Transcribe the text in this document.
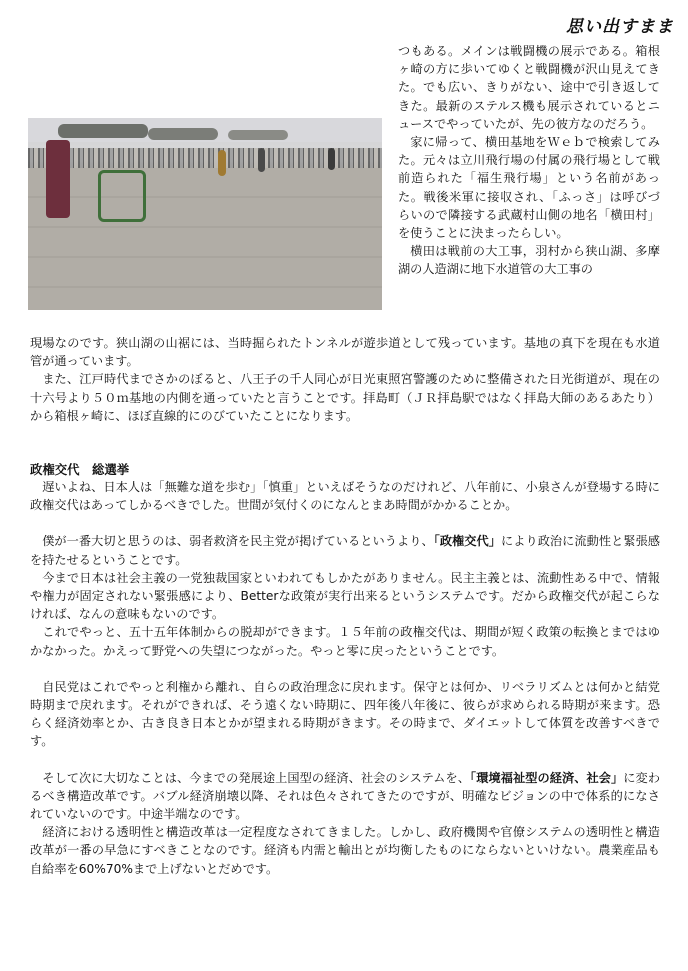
思い出すまま

つもある。メインは戦闘機の展示である。箱根ヶ崎の方に歩いてゆくと戦闘機が沢山見えてきた。でも広い、きりがない、途中で引き返してきた。最新のステルス機も展示されているとニュースでやっていたが、先の彼方なのだろう。

家に帰って、横田基地をＷｅｂで検索してみた。元々は立川飛行場の付属の飛行場として戦前造られた「福生飛行場」という名前があった。戦後米軍に接収され、「ふっさ」は呼びづらいので隣接する武蔵村山側の地名「横田村」を使うことに決まったらしい。

横田は戦前の大工事，羽村から狭山湖、多摩湖の人造湖に地下水道管の大工事の

現場なのです。狭山湖の山裾には、当時掘られたトンネルが遊歩道として残っています。基地の真下を現在も水道管が通っています。

また、江戸時代までさかのぼると、八王子の千人同心が日光東照宮警護のために整備された日光街道が、現在の十六号より５０ｍ基地の内側を通っていたと言うことです。拝島町（ＪＲ拝島駅ではなく拝島大師のあるあたり）から箱根ヶ崎に、ほぼ直線的にのびていたことになります。

政権交代　総選挙

遅いよね、日本人は「無難な道を歩む」「慎重」といえばそうなのだけれど、八年前に、小泉さんが登場する時に政権交代はあってしかるべきでした。世間が気付くのになんとまあ時間がかかることか。

僕が一番大切と思うのは、弱者救済を民主党が掲げているというより、「政権交代」により政治に流動性と緊張感を持たせるということです。

今まで日本は社会主義の一党独裁国家といわれてもしかたがありません。民主主義とは、流動性ある中で、情報や権力が固定されない緊張感により、Betterな政策が実行出来るというシステムです。だから政権交代が起こらなければ、なんの意味もないのです。

これでやっと、五十五年体制からの脱却ができます。１５年前の政権交代は、期間が短く政策の転換とまではゆかなかった。かえって野党への失望につながった。やっと零に戻ったということです。

自民党はこれでやっと利権から離れ、自らの政治理念に戻れます。保守とは何か、リベラリズムとは何かと結党時期まで戻れます。それができれば、そう遠くない時期に、四年後八年後に、彼らが求められる時期が来ます。恐らく経済効率とか、古き良き日本とかが望まれる時期がきます。その時まで、ダイエットして体質を改善すべきです。

そして次に大切なことは、今までの発展途上国型の経済、社会のシステムを、「環境福祉型の経済、社会」に変わるべき構造改革です。バブル経済崩壊以降、それは色々されてきたのですが、明確なビジョンの中で体系的になされていないのです。中途半端なのです。

経済における透明性と構造改革は一定程度なされてきました。しかし、政府機関や官僚システムの透明性と構造改革が一番の早急にすべきことなのです。経済も内需と輸出とが均衡したものにならないといけない。農業産品も自給率を60%70%まで上げないとだめです。
